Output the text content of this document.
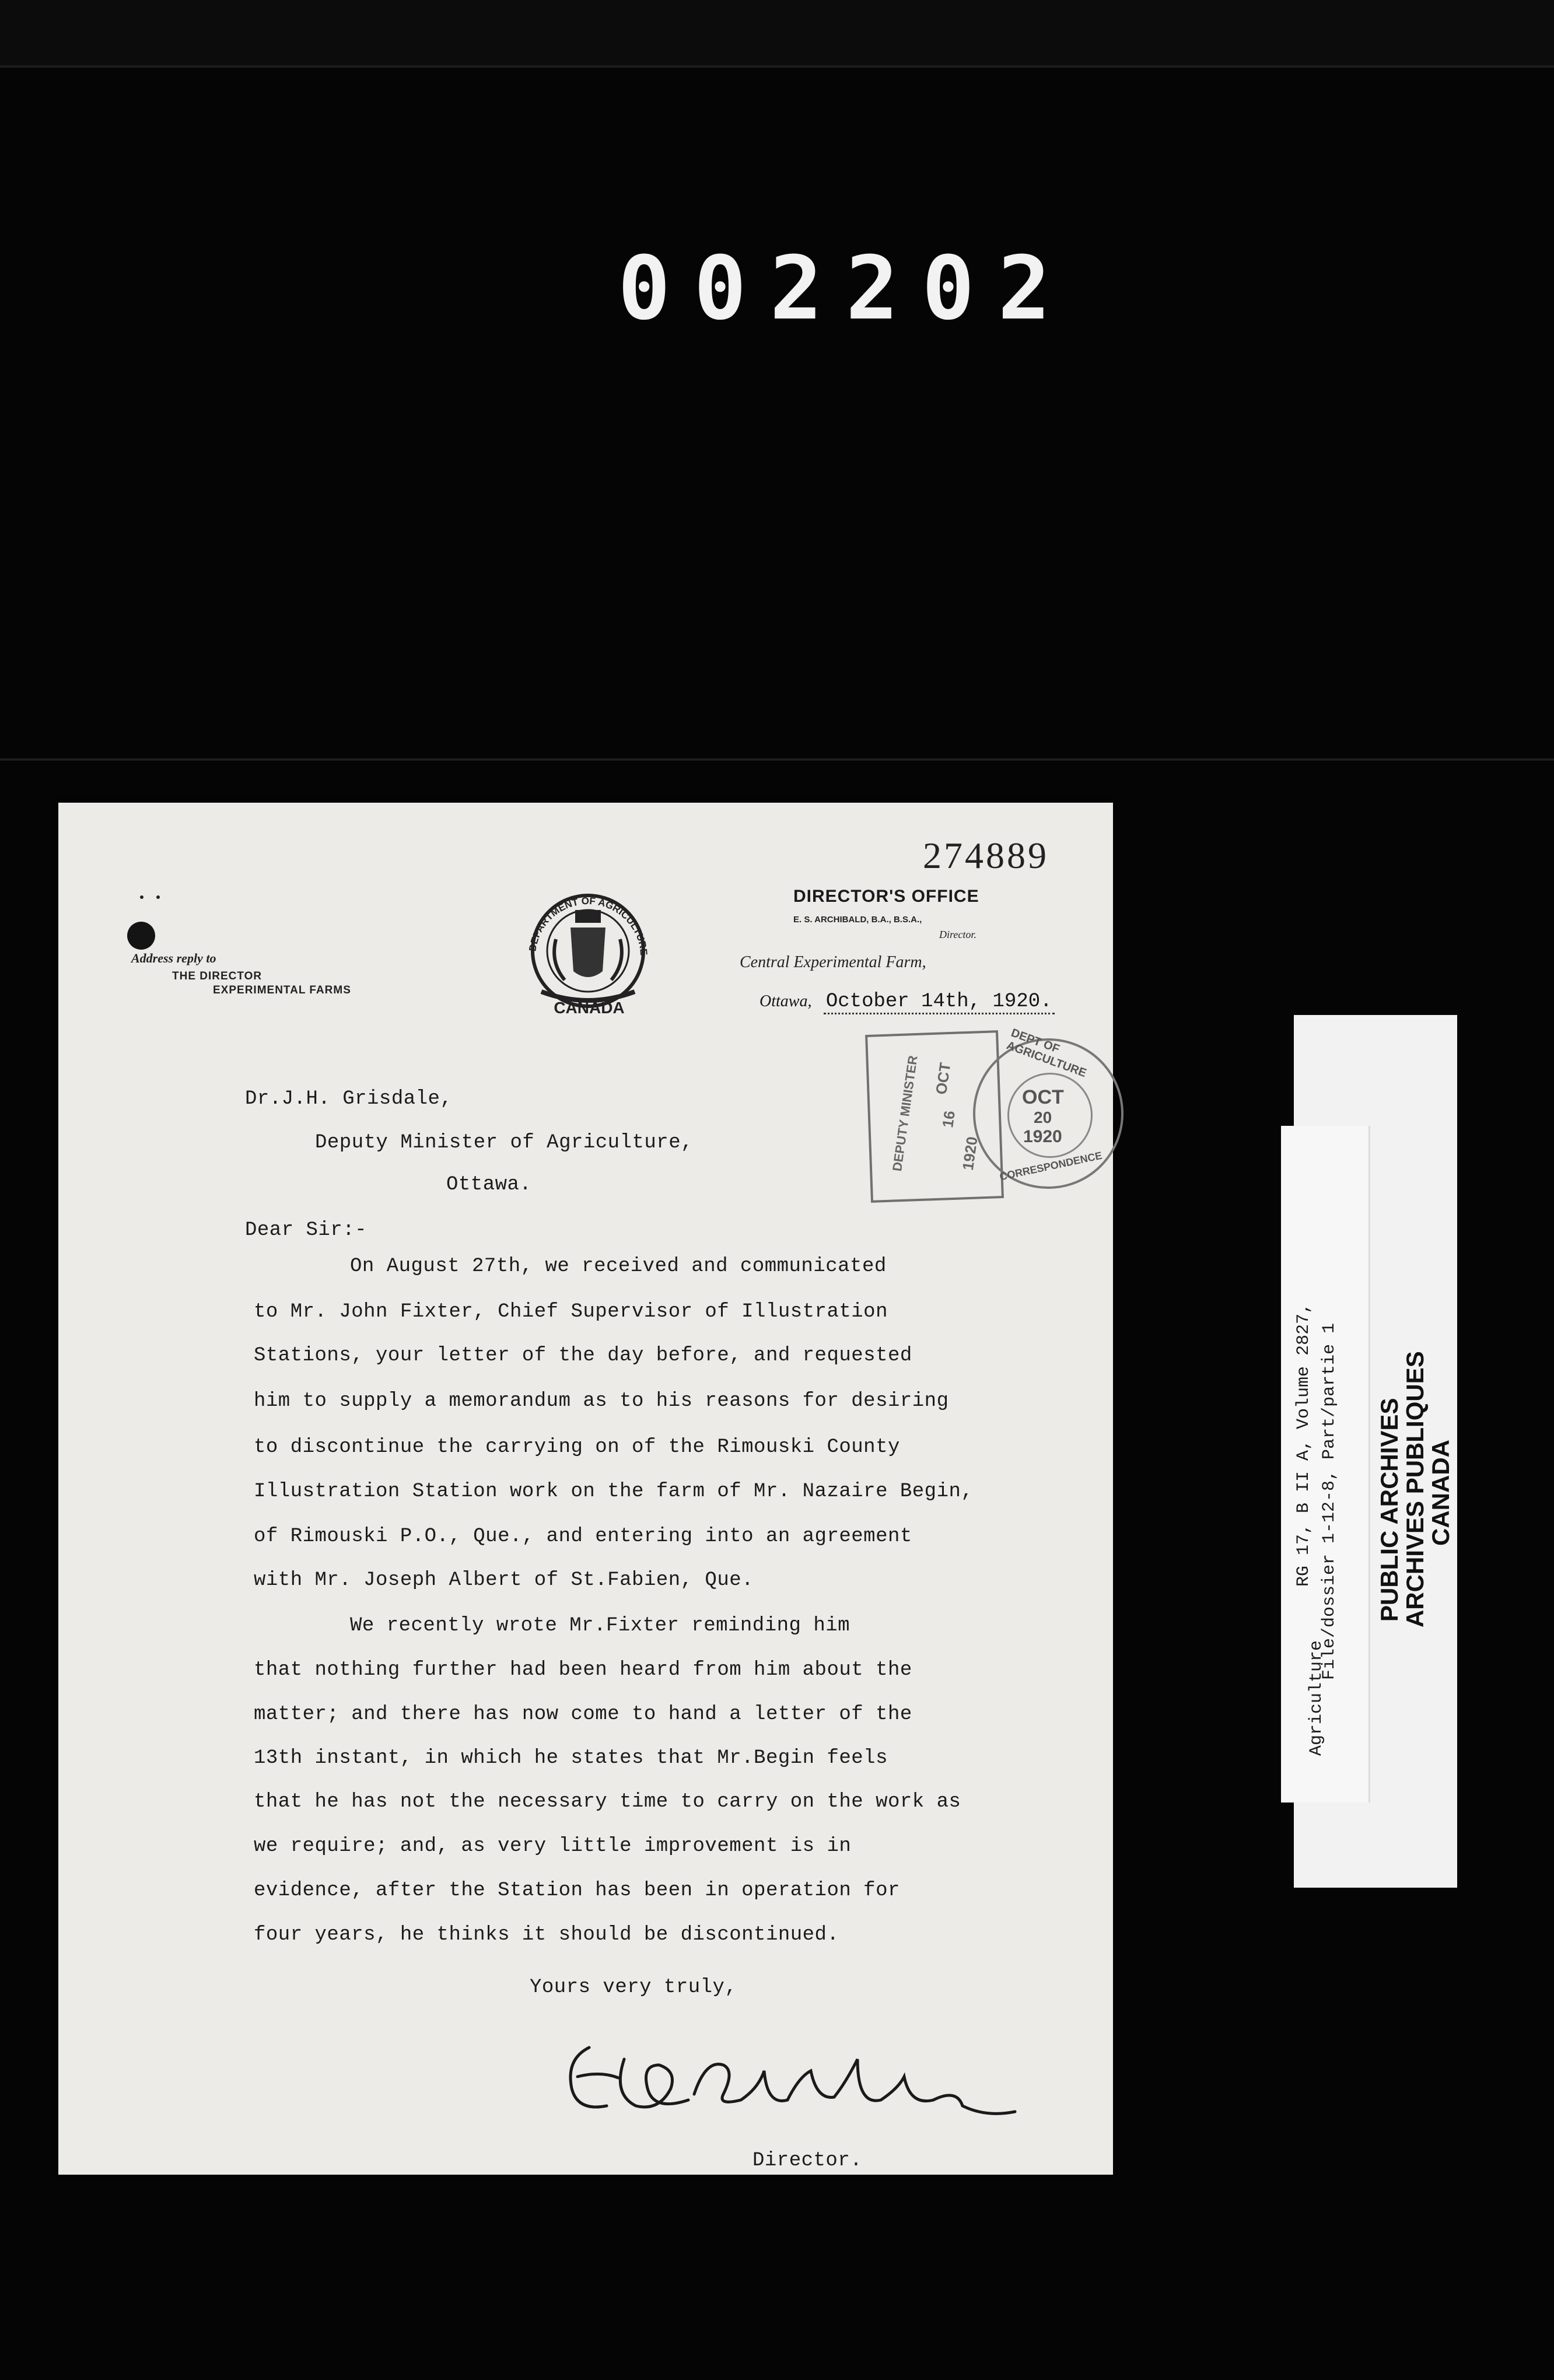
002202
Address reply to
THE DIRECTOR
EXPERIMENTAL FARMS
DEPARTMENT OF AGRICULTURE
CANADA
274889
DIRECTOR'S OFFICE
E. S. ARCHIBALD, B.A., B.S.A.,
Director.
Central Experimental Farm,
Ottawa, October 14th, 1920.
DEPUTY MINISTER OCT
16
1920
DEPT OF AGRICULTURE
OCT
20
1920
CORRESPONDENCE
Dr.J.H. Grisdale,
Deputy Minister of Agriculture,
Ottawa.
Dear Sir:-
On August 27th, we received and communicated
to Mr. John Fixter, Chief Supervisor of Illustration
Stations, your letter of the day before, and requested
him to supply a memorandum as to his reasons for desiring
to discontinue the carrying on of the Rimouski County
Illustration Station work on the farm of Mr. Nazaire Begin,
of Rimouski P.O., Que., and entering into an agreement
with Mr. Joseph Albert of St.Fabien, Que.
We recently wrote Mr.Fixter reminding him
that nothing further had been heard from him about the
matter; and there has now come to hand a letter of the
13th instant, in which he states that Mr.Begin feels
that he has not the necessary time to carry on the work as
we require; and, as very little improvement is in
evidence, after the Station has been in operation for
four years, he thinks it should be discontinued.
Yours very truly,
Director.
Agriculture
RG 17, B II A, Volume 2827, File/dossier 1-12-8, Part/partie 1 PUBLIC ARCHIVES
ARCHIVES PUBLIQUES
CANADA
